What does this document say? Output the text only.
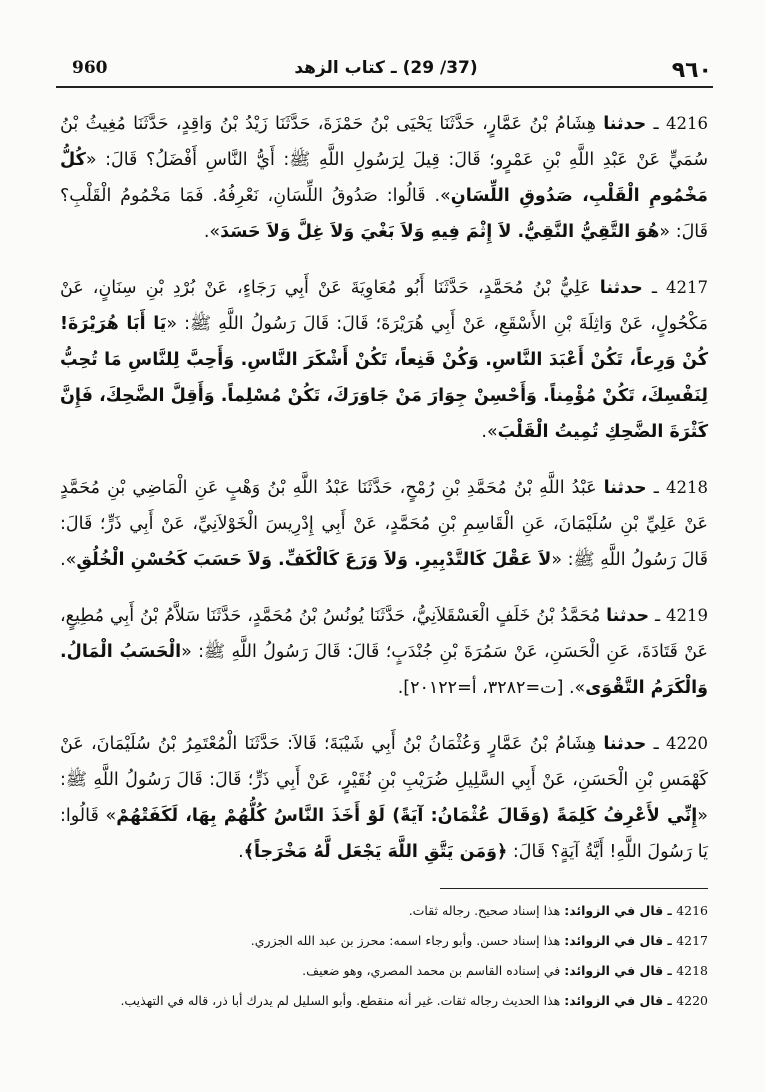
960	(37/ 29) ـ كتاب الزهد	٩٦٠

4216 ـ حدثنا هِشَامُ بْنُ عَمَّارٍ، حَدَّثَنَا يَحْيَى بْنُ حَمْزَةَ، حَدَّثَنَا زَيْدُ بْنُ وَاقِدٍ، حَدَّثَنَا مُغِيثُ بْنُ سُمَيٍّ عَنْ عَبْدِ اللَّهِ بْنِ عَمْرٍو؛ قَالَ: قِيلَ لِرَسُولِ اللَّهِ ﷺ: أَيُّ النَّاسِ أَفْضَلُ؟ قَالَ: «كُلُّ مَخْمُومِ الْقَلْبِ، صَدُوقِ اللِّسَانِ». قَالُوا: صَدُوقُ اللِّسَانِ، نَعْرِفُهُ. فَمَا مَخْمُومُ الْقَلْبِ؟ قَالَ: «هُوَ التَّقِيُّ النَّقِيُّ. لاَ إِثْمَ فِيهِ وَلاَ بَغْيَ وَلاَ غِلَّ وَلاَ حَسَدَ».

4217 ـ حدثنا عَلِيُّ بْنُ مُحَمَّدٍ، حَدَّثَنَا أَبُو مُعَاوِيَةَ عَنْ أَبِي رَجَاءٍ، عَنْ بُرْدِ بْنِ سِنَانٍ، عَنْ مَكْحُولٍ، عَنْ وَاثِلَةَ بْنِ الأَسْقَعِ، عَنْ أَبِي هُرَيْرَةَ؛ قَالَ: قَالَ رَسُولُ اللَّهِ ﷺ: «يَا أَبَا هُرَيْرَةَ! كُنْ وَرِعاً، تَكُنْ أَعْبَدَ النَّاسِ. وَكُنْ قَنِعاً، تَكُنْ أَشْكَرَ النَّاسِ. وَأَحِبَّ لِلنَّاسِ مَا تُحِبُّ لِنَفْسِكَ، تَكُنْ مُؤْمِناً. وَأَحْسِنْ جِوَارَ مَنْ جَاوَرَكَ، تَكُنْ مُسْلِماً. وَأَقِلَّ الضَّحِكَ، فَإِنَّ كَثْرَةَ الضَّحِكِ تُمِيتُ الْقَلْبَ».

4218 ـ حدثنا عَبْدُ اللَّهِ بْنُ مُحَمَّدِ بْنِ رُمْحٍ، حَدَّثَنَا عَبْدُ اللَّهِ بْنُ وَهْبٍ عَنِ الْمَاضِي بْنِ مُحَمَّدٍ عَنْ عَلِيِّ بْنِ سُلَيْمَانَ، عَنِ الْقَاسِمِ بْنِ مُحَمَّدٍ، عَنْ أَبِي إِدْرِيسَ الْخَوْلاَنِيِّ، عَنْ أَبِي ذَرٍّ؛ قَالَ: قَالَ رَسُولُ اللَّهِ ﷺ: «لاَ عَقْلَ كَالتَّدْبِيرِ. وَلاَ وَرَعَ كَالْكَفِّ. وَلاَ حَسَبَ كَحُسْنِ الْخُلُقِ».

4219 ـ حدثنا مُحَمَّدُ بْنُ خَلَفٍ الْعَسْقَلاَنِيُّ، حَدَّثَنَا يُونُسُ بْنُ مُحَمَّدٍ، حَدَّثَنَا سَلاَّمُ بْنُ أَبِي مُطِيعٍ، عَنْ قَتَادَةَ، عَنِ الْحَسَنِ، عَنْ سَمُرَةَ بْنِ جُنْدَبٍ؛ قَالَ: قَالَ رَسُولُ اللَّهِ ﷺ: «الْحَسَبُ الْمَالُ. وَالْكَرَمُ التَّقْوَى». [ت=٣٢٨٢، أ=٢٠١٢٢].

4220 ـ حدثنا هِشَامُ بْنُ عَمَّارٍ وَعُثْمَانُ بْنُ أَبِي شَيْبَةَ؛ قَالاَ: حَدَّثَنَا الْمُعْتَمِرُ بْنُ سُلَيْمَانَ، عَنْ كَهْمَسِ بْنِ الْحَسَنِ، عَنْ أَبِي السَّلِيلِ ضُرَيْبِ بْنِ نُقَيْرٍ، عَنْ أَبِي ذَرٍّ؛ قَالَ: قَالَ رَسُولُ اللَّهِ ﷺ: «إِنِّي لأَعْرِفُ كَلِمَةً (وَقَالَ عُثْمَانُ: آيَةً) لَوْ أَخَذَ النَّاسُ كُلُّهُمْ بِهَا، لَكَفَتْهُمْ» قَالُوا: يَا رَسُولَ اللَّهِ! أَيَّةُ آيَةٍ؟ قَالَ: ﴿وَمَن يَتَّقِ اللَّهَ يَجْعَل لَّهُ مَخْرَجاً﴾.

4216 ـ قال في الزوائد: هذا إسناد صحيح. رجاله ثقات.

4217 ـ قال في الزوائد: هذا إسناد حسن. وأبو رجاء اسمه: محرز بن عبد الله الجزري.

4218 ـ قال في الزوائد: في إسناده القاسم بن محمد المصري، وهو ضعيف.

4220 ـ قال في الزوائد: هذا الحديث رجاله ثقات. غير أنه منقطع. وأبو السليل لم يدرك أبا ذر، قاله في التهذيب.
